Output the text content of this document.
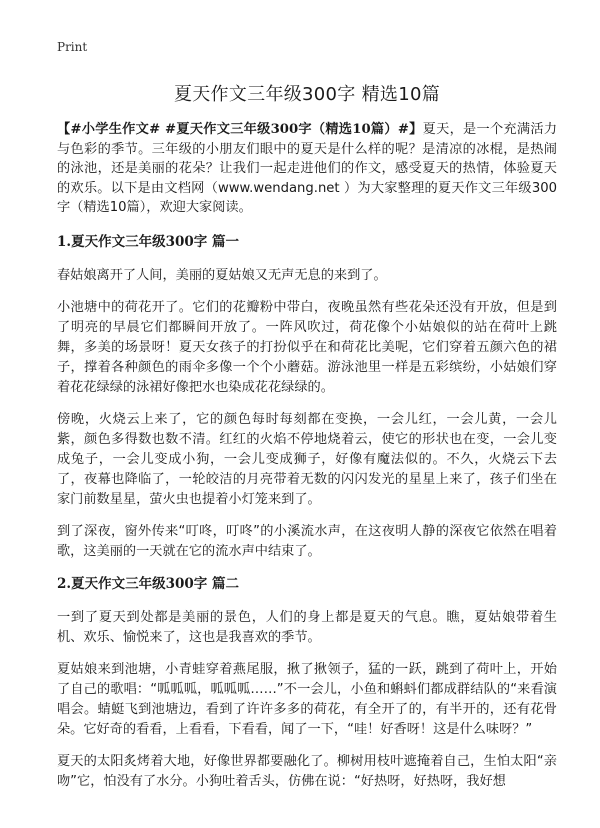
Print
夏天作文三年级300字 精选10篇

【#小学生作文# #夏天作文三年级300字（精选10篇）#】夏天，是一个充满活力与色彩的季节。三年级的小朋友们眼中的夏天是什么样的呢？是清凉的冰棍，是热闹的泳池，还是美丽的花朵？让我们一起走进他们的作文，感受夏天的热情，体验夏天的欢乐。以下是由文档网（www.wendang.net ）为大家整理的夏天作文三年级300字（精选10篇），欢迎大家阅读。

1.夏天作文三年级300字 篇一

春姑娘离开了人间，美丽的夏姑娘又无声无息的来到了。

小池塘中的荷花开了。它们的花瓣粉中带白，夜晚虽然有些花朵还没有开放，但是到了明亮的早晨它们都瞬间开放了。一阵风吹过，荷花像个小姑娘似的站在荷叶上跳舞，多美的场景呀！夏天女孩子的打扮似乎在和荷花比美呢，它们穿着五颜六色的裙子，撑着各种颜色的雨伞多像一个个小蘑菇。游泳池里一样是五彩缤纷，小姑娘们穿着花花绿绿的泳裙好像把水也染成花花绿绿的。

傍晚，火烧云上来了，它的颜色每时每刻都在变换，一会儿红，一会儿黄，一会儿紫，颜色多得数也数不清。红红的火焰不停地烧着云，使它的形状也在变，一会儿变成兔子，一会儿变成小狗，一会儿变成狮子，好像有魔法似的。不久，火烧云下去了，夜幕也降临了，一轮皎洁的月亮带着无数的闪闪发光的星星上来了，孩子们坐在家门前数星星，萤火虫也提着小灯笼来到了。

到了深夜，窗外传来“叮咚，叮咚”的小溪流水声，在这夜明人静的深夜它依然在唱着歌，这美丽的一天就在它的流水声中结束了。

2.夏天作文三年级300字 篇二

一到了夏天到处都是美丽的景色，人们的身上都是夏天的气息。瞧，夏姑娘带着生机、欢乐、愉悦来了，这也是我喜欢的季节。

夏姑娘来到池塘，小青蛙穿着燕尾服，揪了揪领子，猛的一跃，跳到了荷叶上，开始了自己的歌唱：“呱呱呱，呱呱呱……”不一会儿，小鱼和蝌蚪们都成群结队的“来看演唱会。蜻蜓飞到池塘边，看到了许许多多的荷花，有全开了的，有半开的，还有花骨朵。它好奇的看看，上看看，下看看，闻了一下，“哇！好香呀！这是什么味呀？”

夏天的太阳炙烤着大地，好像世界都要融化了。柳树用枝叶遮掩着自己，生怕太阳“亲吻”它，怕没有了水分。小狗吐着舌头，仿佛在说：“好热呀，好热呀，我好想
